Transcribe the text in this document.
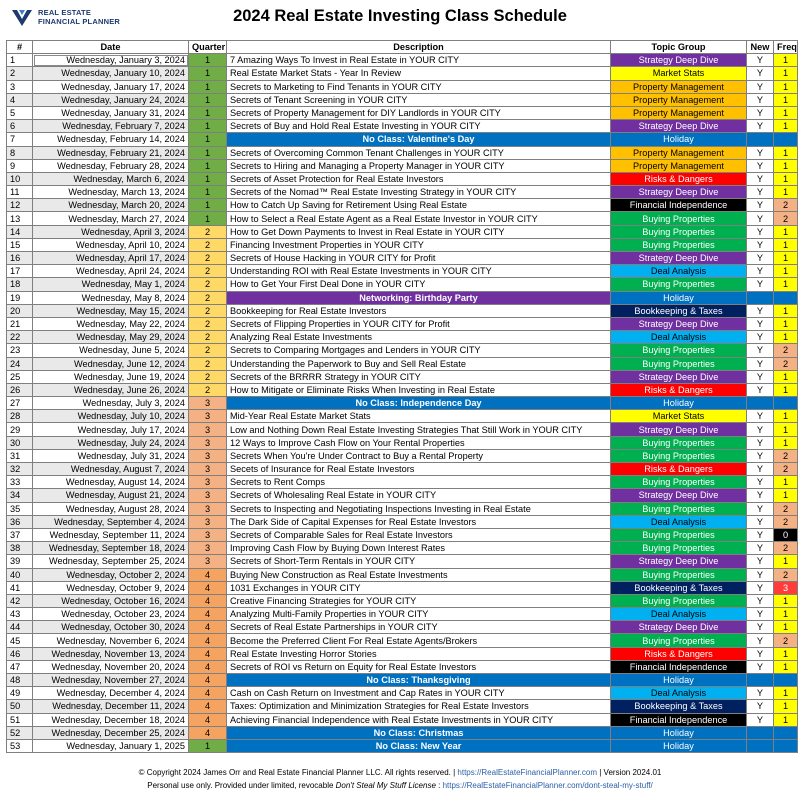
REAL ESTATE
FINANCIAL PLANNER	2024 Real Estate Investing Class Schedule
#	Date	Quarter	Description	Topic Group	New	Freq
1	Wednesday, January 3, 2024	1	7 Amazing Ways To Invest in Real Estate in YOUR CITY	Strategy Deep Dive	Y	1
2	Wednesday, January 10, 2024	1	Real Estate Market Stats - Year In Review	Market Stats	Y	1
3	Wednesday, January 17, 2024	1	Secrets to Marketing to Find Tenants in YOUR CITY	Property Management	Y	1
4	Wednesday, January 24, 2024	1	Secrets of Tenant Screening in YOUR CITY	Property Management	Y	1
5	Wednesday, January 31, 2024	1	Secrets of Property Management for DIY Landlords in YOUR CITY	Property Management	Y	1
6	Wednesday, February 7, 2024	1	Secrets of Buy and Hold Real Estate Investing in YOUR CITY	Strategy Deep Dive	Y	1
7	Wednesday, February 14, 2024	1	No Class: Valentine's Day	Holiday		
8	Wednesday, February 21, 2024	1	Secrets of Overcoming Common Tenant Challenges in YOUR CITY	Property Management	Y	1
9	Wednesday, February 28, 2024	1	Secrets to Hiring and Managing a Property Manager in YOUR CITY	Property Management	Y	1
10	Wednesday, March 6, 2024	1	Secrets of Asset Protection for Real Estate Investors	Risks & Dangers	Y	1
11	Wednesday, March 13, 2024	1	Secrets of the Nomad™ Real Estate Investing Strategy in YOUR CITY	Strategy Deep Dive	Y	1
12	Wednesday, March 20, 2024	1	How to Catch Up Saving for Retirement Using Real Estate	Financial Independence	Y	2
13	Wednesday, March 27, 2024	1	How to Select a Real Estate Agent as a Real Estate Investor in YOUR CITY	Buying Properties	Y	2
14	Wednesday, April 3, 2024	2	How to Get Down Payments to Invest in Real Estate in YOUR CITY	Buying Properties	Y	1
15	Wednesday, April 10, 2024	2	Financing Investment Properties in YOUR CITY	Buying Properties	Y	1
16	Wednesday, April 17, 2024	2	Secrets of House Hacking in YOUR CITY for Profit	Strategy Deep Dive	Y	1
17	Wednesday, April 24, 2024	2	Understanding ROI with Real Estate Investments in YOUR CITY	Deal Analysis	Y	1
18	Wednesday, May 1, 2024	2	How to Get Your First Deal Done in YOUR CITY	Buying Properties	Y	1
19	Wednesday, May 8, 2024	2	Networking: Birthday Party	Holiday		
20	Wednesday, May 15, 2024	2	Bookkeeping for Real Estate Investors	Bookkeeping & Taxes	Y	1
21	Wednesday, May 22, 2024	2	Secrets of Flipping Properties in YOUR CITY for Profit	Strategy Deep Dive	Y	1
22	Wednesday, May 29, 2024	2	Analyzing Real Estate Investments	Deal Analysis	Y	1
23	Wednesday, June 5, 2024	2	Secrets to Comparing Mortgages and Lenders in YOUR CITY	Buying Properties	Y	2
24	Wednesday, June 12, 2024	2	Understanding the Paperwork to Buy and Sell Real Estate	Buying Properties	Y	2
25	Wednesday, June 19, 2024	2	Secrets of the BRRRR Strategy in YOUR CITY	Strategy Deep Dive	Y	1
26	Wednesday, June 26, 2024	2	How to Mitigate or Eliminate Risks When Investing in Real Estate	Risks & Dangers	Y	1
27	Wednesday, July 3, 2024	3	No Class: Independence Day	Holiday		
28	Wednesday, July 10, 2024	3	Mid-Year Real Estate Market Stats	Market Stats	Y	1
29	Wednesday, July 17, 2024	3	Low and Nothing Down Real Estate Investing Strategies That Still Work in YOUR CITY	Strategy Deep Dive	Y	1
30	Wednesday, July 24, 2024	3	12 Ways to Improve Cash Flow on Your Rental Properties	Buying Properties	Y	1
31	Wednesday, July 31, 2024	3	Secrets When You're Under Contract to Buy a Rental Property	Buying Properties	Y	2
32	Wednesday, August 7, 2024	3	Secets of Insurance for Real Estate Investors	Risks & Dangers	Y	2
33	Wednesday, August 14, 2024	3	Secrets to Rent Comps	Buying Properties	Y	1
34	Wednesday, August 21, 2024	3	Secrets of Wholesaling Real Estate in YOUR CITY	Strategy Deep Dive	Y	1
35	Wednesday, August 28, 2024	3	Secrets to Inspecting and Negotiating Inspections Investing in Real Estate	Buying Properties	Y	2
36	Wednesday, September 4, 2024	3	The Dark Side of Capital Expenses for Real Estate Investors	Deal Analysis	Y	2
37	Wednesday, September 11, 2024	3	Secrets of Comparable Sales for Real Estate Investors	Buying Properties	Y	0
38	Wednesday, September 18, 2024	3	Improving Cash Flow by Buying Down Interest Rates	Buying Properties	Y	2
39	Wednesday, September 25, 2024	3	Secrets of Short-Term Rentals in YOUR CITY	Strategy Deep Dive	Y	1
40	Wednesday, October 2, 2024	4	Buying New Construction as Real Estate Investments	Buying Properties	Y	2
41	Wednesday, October 9, 2024	4	1031 Exchanges in YOUR CITY	Bookkeeping & Taxes	Y	3
42	Wednesday, October 16, 2024	4	Creative Financing Strategies for YOUR CITY	Buying Properties	Y	1
43	Wednesday, October 23, 2024	4	Analyzing Multi-Family Properties in YOUR CITY	Deal Analysis	Y	1
44	Wednesday, October 30, 2024	4	Secrets of Real Estate Partnerships in YOUR CITY	Strategy Deep Dive	Y	1
45	Wednesday, November 6, 2024	4	Become the Preferred Client For Real Estate Agents/Brokers	Buying Properties	Y	2
46	Wednesday, November 13, 2024	4	Real Estate Investing Horror Stories	Risks & Dangers	Y	1
47	Wednesday, November 20, 2024	4	Secrets of ROI vs Return on Equity for Real Estate Investors	Financial Independence	Y	1
48	Wednesday, November 27, 2024	4	No Class: Thanksgiving	Holiday		
49	Wednesday, December 4, 2024	4	Cash on Cash Return on Investment and Cap Rates in YOUR CITY	Deal Analysis	Y	1
50	Wednesday, December 11, 2024	4	Taxes: Optimization and Minimization Strategies for Real Estate Investors	Bookkeeping & Taxes	Y	1
51	Wednesday, December 18, 2024	4	Achieving Financial Independence with Real Estate Investments in YOUR CITY	Financial Independence	Y	1
52	Wednesday, December 25, 2024	4	No Class: Christmas	Holiday		
53	Wednesday, January 1, 2025	1	No Class: New Year	Holiday		
© Copyright 2024 James Orr and Real Estate Financial Planner LLC. All rights reserved. | https://RealEstateFinancialPlanner.com | Version 2024.01
Personal use only. Provided under limited, revocable Don't Steal My Stuff License : https://RealEstateFinancialPlanner.com/dont-steal-my-stuff/
